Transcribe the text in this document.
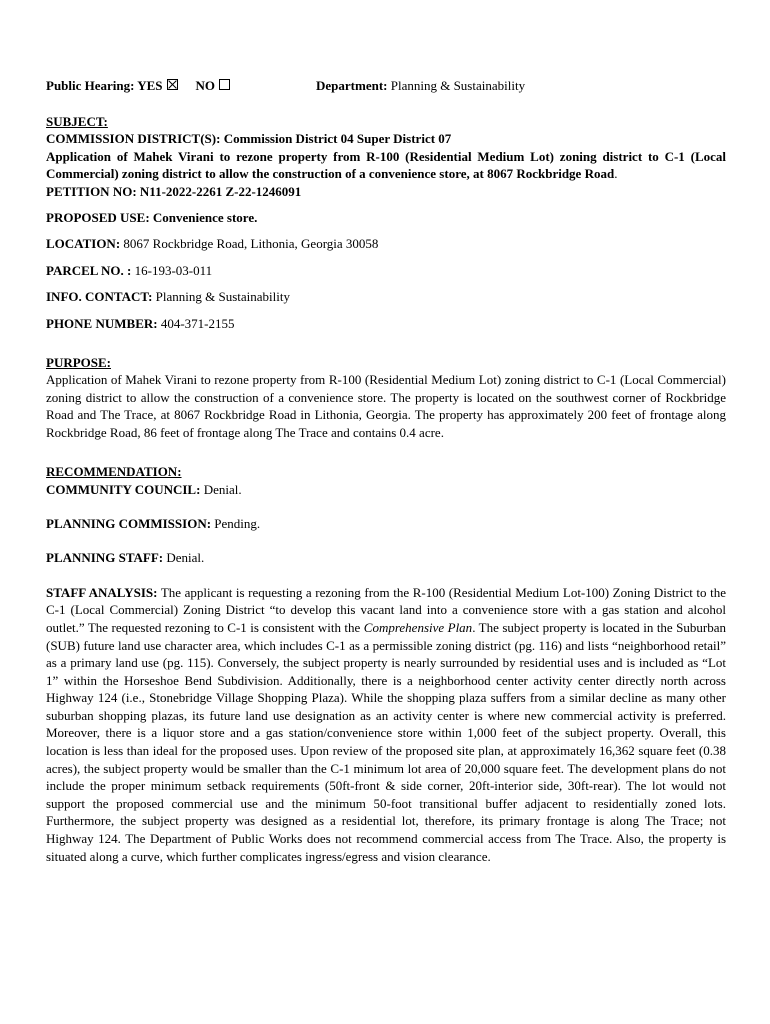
Public Hearing: YES	NO	Department: Planning & Sustainability

SUBJECT:

COMMISSION DISTRICT(S): Commission District 04 Super District 07

Application of Mahek Virani to rezone property from R-100 (Residential Medium Lot) zoning district to C-1 (Local Commercial) zoning district to allow the construction of a convenience store, at 8067 Rockbridge Road.

PETITION NO: N11-2022-2261 Z-22-1246091

PROPOSED USE: Convenience store.

LOCATION: 8067 Rockbridge Road, Lithonia, Georgia 30058

PARCEL NO. : 16-193-03-011

INFO. CONTACT: Planning & Sustainability

PHONE NUMBER: 404-371-2155

PURPOSE:

Application of Mahek Virani to rezone property from R-100 (Residential Medium Lot) zoning district to C-1 (Local Commercial) zoning district to allow the construction of a convenience store. The property is located on the southwest corner of Rockbridge Road and The Trace, at 8067 Rockbridge Road in Lithonia, Georgia. The property has approximately 200 feet of frontage along Rockbridge Road, 86 feet of frontage along The Trace and contains 0.4 acre.

RECOMMENDATION:

COMMUNITY COUNCIL: Denial.

PLANNING COMMISSION: Pending.

PLANNING STAFF: Denial.

STAFF ANALYSIS: The applicant is requesting a rezoning from the R-100 (Residential Medium Lot-100) Zoning District to the C-1 (Local Commercial) Zoning District “to develop this vacant land into a convenience store with a gas station and alcohol outlet.” The requested rezoning to C-1 is consistent with the Comprehensive Plan. The subject property is located in the Suburban (SUB) future land use character area, which includes C-1 as a permissible zoning district (pg. 116) and lists “neighborhood retail” as a primary land use (pg. 115). Conversely, the subject property is nearly surrounded by residential uses and is included as “Lot 1” within the Horseshoe Bend Subdivision. Additionally, there is a neighborhood center activity center directly north across Highway 124 (i.e., Stonebridge Village Shopping Plaza). While the shopping plaza suffers from a similar decline as many other suburban shopping plazas, its future land use designation as an activity center is where new commercial activity is preferred. Moreover, there is a liquor store and a gas station/convenience store within 1,000 feet of the subject property. Overall, this location is less than ideal for the proposed uses. Upon review of the proposed site plan, at approximately 16,362 square feet (0.38 acres), the subject property would be smaller than the C-1 minimum lot area of 20,000 square feet. The development plans do not include the proper minimum setback requirements (50ft-front & side corner, 20ft-interior side, 30ft-rear). The lot would not support the proposed commercial use and the minimum 50-foot transitional buffer adjacent to residentially zoned lots. Furthermore, the subject property was designed as a residential lot, therefore, its primary frontage is along The Trace; not Highway 124. The Department of Public Works does not recommend commercial access from The Trace. Also, the property is situated along a curve, which further complicates ingress/egress and vision clearance.
